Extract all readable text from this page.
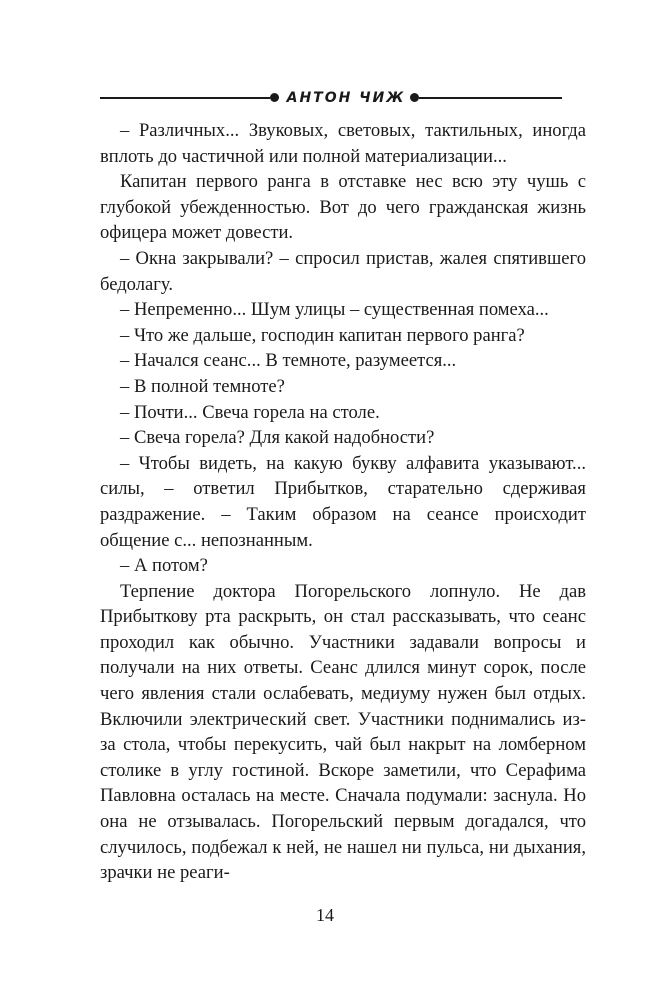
АНТОН ЧИЖ

– Различных... Звуковых, световых, тактильных, иногда вплоть до частичной или полной материализации...

Капитан первого ранга в отставке нес всю эту чушь с глубокой убежденностью. Вот до чего гражданская жизнь офицера может довести.

– Окна закрывали? – спросил пристав, жалея спятившего бедолагу.

– Непременно... Шум улицы – существенная помеха...

– Что же дальше, господин капитан первого ранга?

– Начался сеанс... В темноте, разумеется...

– В полной темноте?

– Почти... Свеча горела на столе.

– Свеча горела? Для какой надобности?

– Чтобы видеть, на какую букву алфавита указывают... силы, – ответил Прибытков, старательно сдерживая раздражение. – Таким образом на сеансе происходит общение с... непознанным.

– А потом?

Терпение доктора Погорельского лопнуло. Не дав Прибыткову рта раскрыть, он стал рассказывать, что сеанс проходил как обычно. Участники задавали вопросы и получали на них ответы. Сеанс длился минут сорок, после чего явления стали ослабевать, медиуму нужен был отдых. Включили электрический свет. Участники поднимались из-за стола, чтобы перекусить, чай был накрыт на ломберном столике в углу гостиной. Вскоре заметили, что Серафима Павловна осталась на месте. Сначала подумали: заснула. Но она не отзывалась. Погорельский первым догадался, что случилось, подбежал к ней, не нашел ни пульса, ни дыхания, зрачки не реаги-

14
